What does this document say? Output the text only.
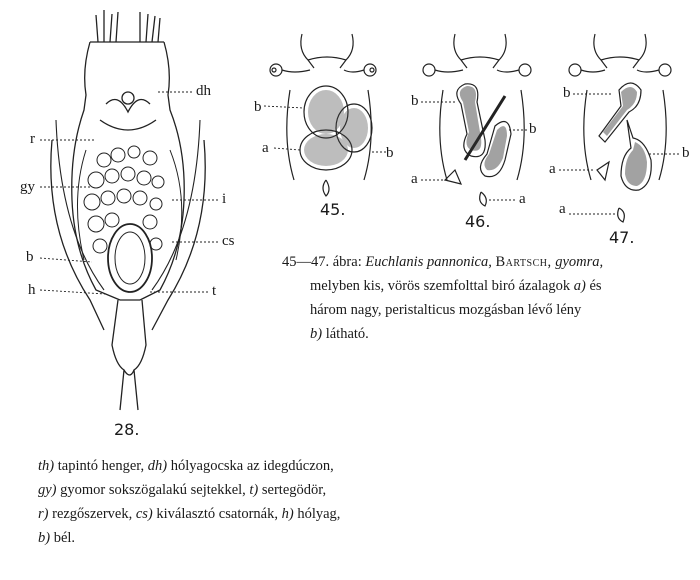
dh
r
gy
i
cs
b
h	t
28.
b
a	b
45.
b
b
a
a
46.
b
a
b
a
47.
45—47. ábra: Euchlanis pannonica, Bartsch, gyomra,
melyben kis, vörös szemfolttal biró ázalagok a) és
három nagy, peristalticus mozgásban lévő lény
b) látható.
th) tapintó henger, dh) hólyagocska az idegdúczon,
gy) gyomor sokszögalakú sejtekkel, t) sertegödör,
r) rezgőszervek, cs) kiválasztó csatornák, h) hólyag,
b) bél.
